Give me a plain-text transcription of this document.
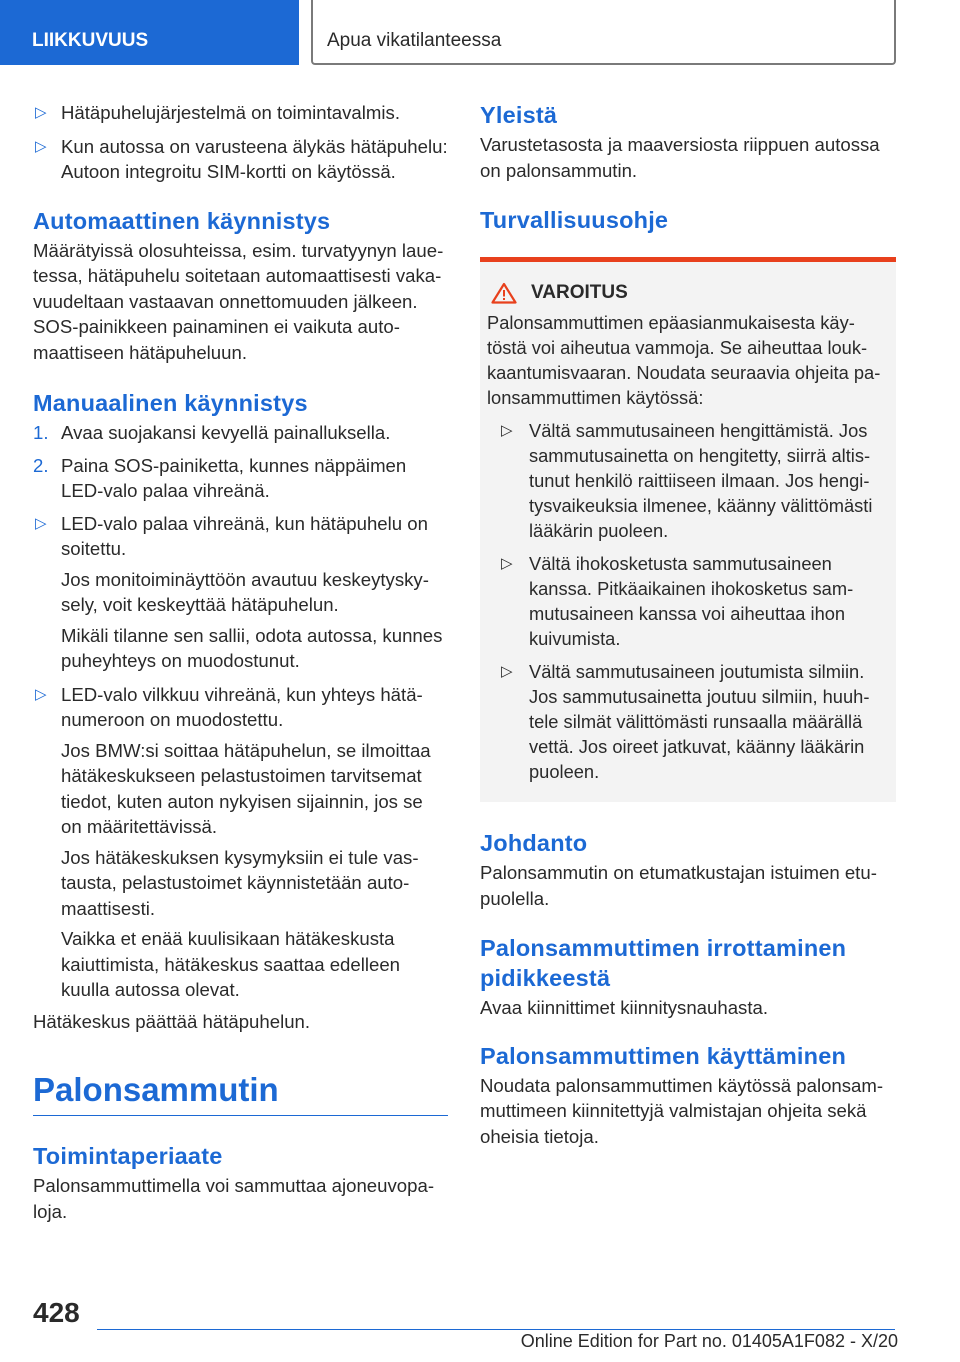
LIIKKUVUUS	Apua vikatilanteessa
▷ Hätäpuhelujärjestelmä on toimintavalmis.
▷ Kun autossa on varusteena älykäs hätäpuhelu: Autoon integroitu SIM-kortti on käytössä.
Automaattinen käynnistys

Määrätyissä olosuhteissa, esim. turvatyynyn lauetessa, hätäpuhelu soitetaan automaattisesti vakavuudeltaan vastaavan onnettomuuden jälkeen. SOS-painikkeen painaminen ei vaikuta automaattiseen hätäpuheluun.

Manuaalinen käynnistys
1. Avaa suojakansi kevyellä painalluksella.
2. Paina SOS-painiketta, kunnes näppäimen LED-valo palaa vihreänä.
▷ LED-valo palaa vihreänä, kun hätäpuhelu on soitettu.
Jos monitoiminäyttöön avautuu keskeytyskysely, voit keskeyttää hätäpuhelun.
Mikäli tilanne sen sallii, odota autossa, kunnes puheyhteys on muodostunut.
▷ LED-valo vilkkuu vihreänä, kun yhteys hätänumeroon on muodostettu.
Jos BMW:si soittaa hätäpuhelun, se ilmoittaa hätäkeskukseen pelastustoimen tarvitsemat tiedot, kuten auton nykyisen sijainnin, jos se on määritettävissä.
Jos hätäkeskuksen kysymyksiin ei tule vastausta, pelastustoimet käynnistetään automaattisesti.
Vaikka et enää kuulisikaan hätäkeskusta kaiuttimista, hätäkeskus saattaa edelleen kuulla autossa olevat.

Hätäkeskus päättää hätäpuhelun.

Palonsammutin
Toimintaperiaate

Palonsammuttimella voi sammuttaa ajoneuvopaloja.

Yleistä

Varustetasosta ja maaversiosta riippuen autossa on palonsammutin.

Turvallisuusohje
VAROITUS

Palonsammuttimen epäasianmukaisesta käytöstä voi aiheutua vammoja. Se aiheuttaa loukkaantumisvaaran. Noudata seuraavia ohjeita palonsammuttimen käytössä:

▷ Vältä sammutusaineen hengittämistä. Jos sammutusainetta on hengitetty, siirrä altistunut henkilö raittiiseen ilmaan. Jos hengitysvaikeuksia ilmenee, käänny välittömästi lääkärin puoleen.
▷ Vältä ihokosketusta sammutusaineen kanssa. Pitkäaikainen ihokosketus sammutusaineen kanssa voi aiheuttaa ihon kuivumista.
▷ Vältä sammutusaineen joutumista silmiin. Jos sammutusainetta joutuu silmiin, huuhtele silmät välittömästi runsaalla määrällä vettä. Jos oireet jatkuvat, käänny lääkärin puoleen.
Johdanto

Palonsammutin on etumatkustajan istuimen etupuolella.

Palonsammuttimen irrottaminen pidikkeestä

Avaa kiinnittimet kiinnitysnauhasta.

Palonsammuttimen käyttäminen

Noudata palonsammuttimen käytössä palonsammuttimeen kiinnitettyjä valmistajan ohjeita sekä oheisia tietoja.

428
Online Edition for Part no. 01405A1F082 - X/20
